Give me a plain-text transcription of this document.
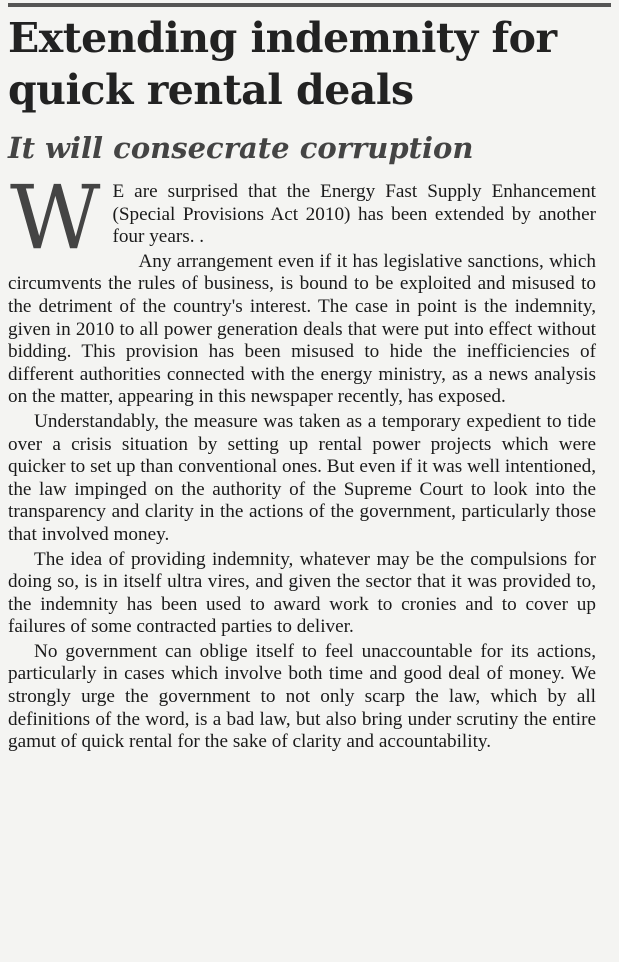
Extending indemnity for
quick rental deals
It will consecrate corruption

W E are surprised that the Energy Fast Supply Enhancement (Special Provisions Act 2010) has been extended by another four years. .

Any arrangement even if it has legislative sanctions, which circumvents the rules of business, is bound to be exploited and misused to the detriment of the country's interest. The case in point is the indemnity, given in 2010 to all power generation deals that were put into effect without bidding. This provision has been misused to hide the inefficiencies of different authorities connected with the energy ministry, as a news analysis on the matter, appearing in this newspaper recently, has exposed.

Understandably, the measure was taken as a temporary expedient to tide over a crisis situation by setting up rental power projects which were quicker to set up than conventional ones. But even if it was well intentioned, the law impinged on the authority of the Supreme Court to look into the transparency and clarity in the actions of the government, particularly those that involved money.

The idea of providing indemnity, whatever may be the compulsions for doing so, is in itself ultra vires, and given the sector that it was provided to, the indemnity has been used to award work to cronies and to cover up failures of some contracted parties to deliver.

No government can oblige itself to feel unaccountable for its actions, particularly in cases which involve both time and good deal of money. We strongly urge the government to not only scarp the law, which by all definitions of the word, is a bad law, but also bring under scrutiny the entire gamut of quick rental for the sake of clarity and accountability.
